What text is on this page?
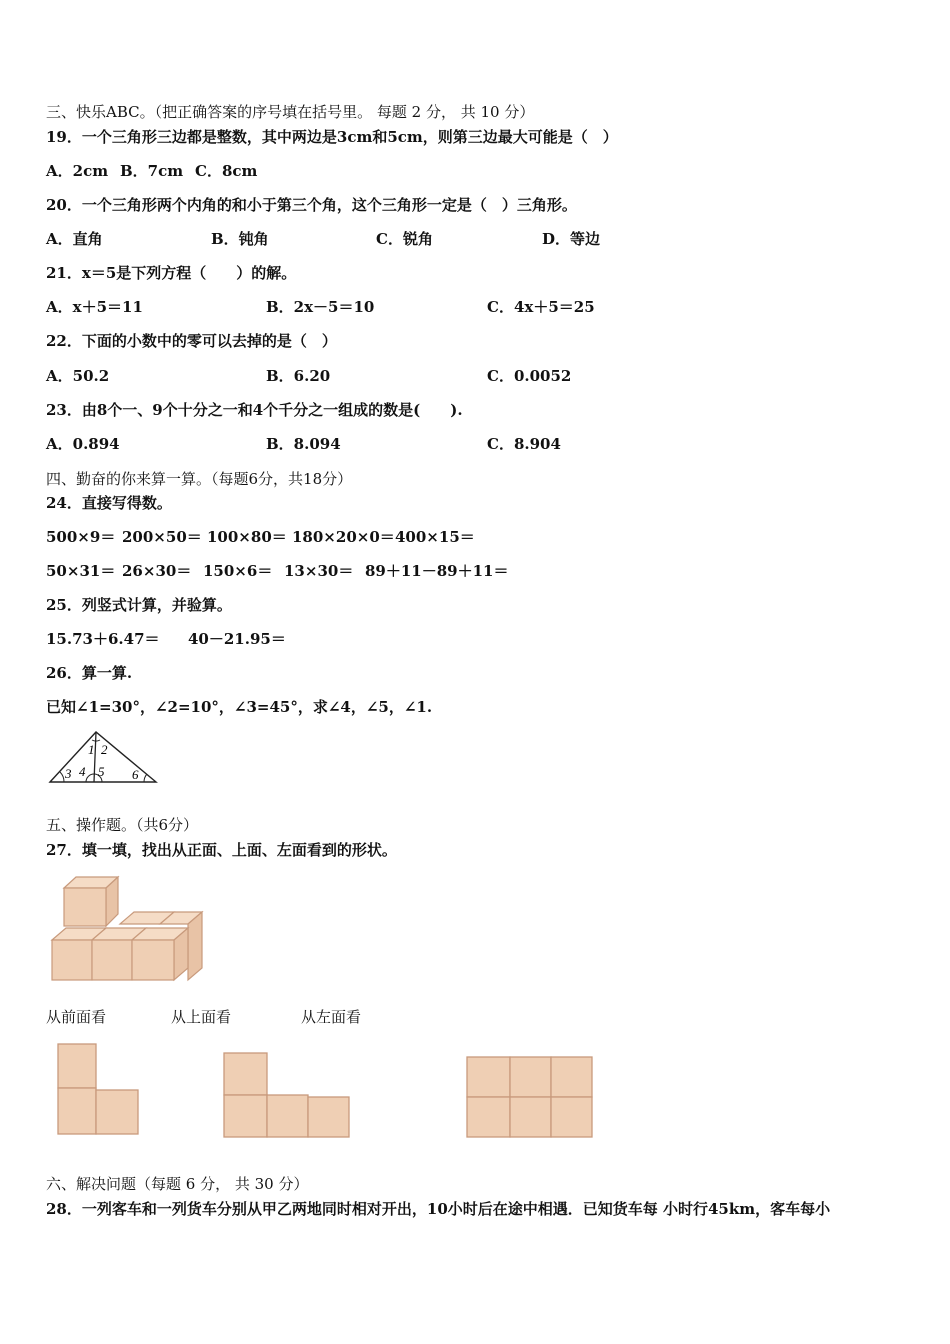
三、快乐ABC。（把正确答案的序号填在括号里。 每题 2 分， 共 10 分）
19．一个三角形三边都是整数，其中两边是3cm和5cm，则第三边最大可能是（　）
A．2cm B．7cm C．8cm
20．一个三角形两个内角的和小于第三个角，这个三角形一定是（　）三角形。
A．直角	B．钝角	C．锐角	D．等边
21．x＝5是下列方程（　　）的解。
A．x＋5＝11	B．2x－5＝10	C．4x＋5＝25
22．下面的小数中的零可以去掉的是（　）
A．50.2	B．6.20	C．0.0052
23．由8个一、9个十分之一和4个千分之一组成的数是(　　).
A．0.894	B．8.094	C．8.904
四、勤奋的你来算一算。（每题6分，共18分）
24．直接写得数。
500×9＝ 200×50＝ 100×80＝ 180×20×0＝ 400×15＝
50×31＝ 26×30＝ 150×6＝ 13×30＝ 89＋11－89＋11＝
25．列竖式计算，并验算。
15.73＋6.47＝ 40－21.95＝
26．算一算.
已知∠1=30°，∠2=10°，∠3=45°，求∠4，∠5，∠1.
1 2
3 4 5 6
五、操作题。（共6分）
27．填一填，找出从正面、上面、左面看到的形状。
从前面看	从上面看	从左面看
六、解决问题（每题 6 分， 共 30 分）
28．一列客车和一列货车分别从甲乙两地同时相对开出，10小时后在途中相遇．已知货车每 小时行45km，客车每小
